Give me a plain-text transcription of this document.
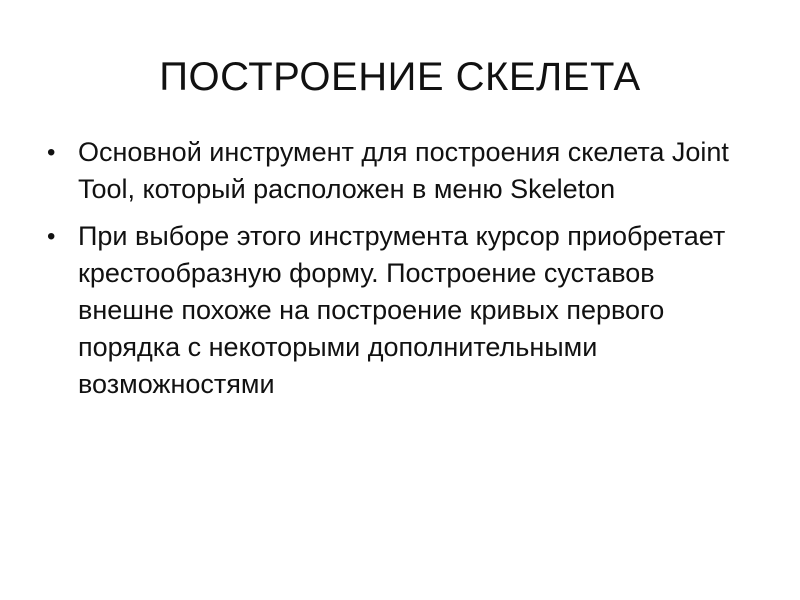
ПОСТРОЕНИЕ СКЕЛЕТА
• Основной инструмент для построения скелета Joint Tool, который расположен в меню Skeleton
• При выборе этого инструмента курсор приобретает крестообразную форму. Построение суставов внешне похоже на построение кривых первого порядка с некоторыми дополнительными возможностями
